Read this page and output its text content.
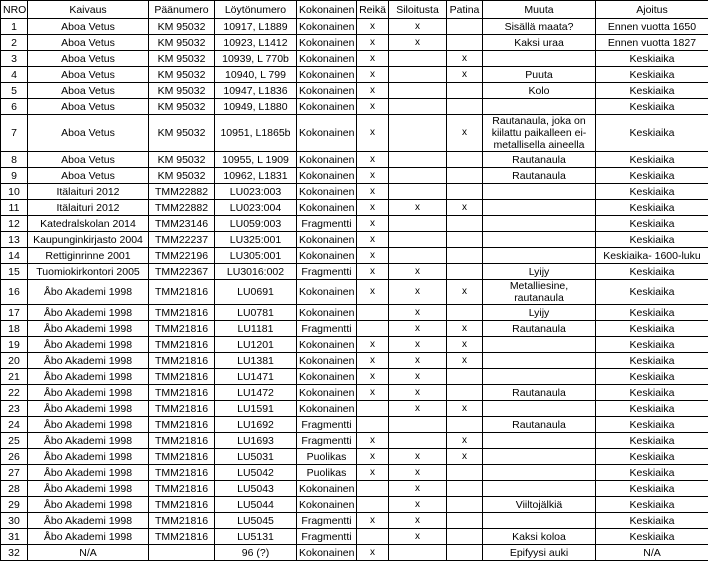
NRO	Kaivaus	Päänumero	Löytönumero	Kokonainen	Reikä	Siloitusta	Patina	Muuta	Ajoitus
1	Aboa Vetus	KM 95032	10917, L1889	Kokonainen	x	x		Sisällä maata?	Ennen vuotta 1650
2	Aboa Vetus	KM 95032	10923, L1412	Kokonainen	x	x		Kaksi uraa	Ennen vuotta 1827
3	Aboa Vetus	KM 95032	10939, L 770b	Kokonainen	x		x		Keskiaika
4	Aboa Vetus	KM 95032	10940, L 799	Kokonainen	x		x	Puuta	Keskiaika
5	Aboa Vetus	KM 95032	10947, L1836	Kokonainen	x			Kolo	Keskiaika
6	Aboa Vetus	KM 95032	10949, L1880	Kokonainen	x				Keskiaika
7	Aboa Vetus	KM 95032	10951, L1865b	Kokonainen	x		x	Rautanaula, joka on kiilattu paikalleen ei-metallisella aineella	Keskiaika
8	Aboa Vetus	KM 95032	10955, L 1909	Kokonainen	x			Rautanaula	Keskiaika
9	Aboa Vetus	KM 95032	10962, L1831	Kokonainen	x			Rautanaula	Keskiaika
10	Itälaituri 2012	TMM22882	LU023:003	Kokonainen	x				Keskiaika
11	Itälaituri 2012	TMM22882	LU023:004	Kokonainen	x	x	x		Keskiaika
12	Katedralskolan 2014	TMM23146	LU059:003	Fragmentti	x				Keskiaika
13	Kaupunginkirjasto 2004	TMM22237	LU325:001	Kokonainen	x				Keskiaika
14	Rettiginrinne 2001	TMM22196	LU305:001	Kokonainen	x				Keskiaika- 1600-luku
15	Tuomiokirkontori 2005	TMM22367	LU3016:002	Fragmentti	x	x		Lyijy	Keskiaika
16	Åbo Akademi 1998	TMM21816	LU0691	Kokonainen	x	x	x	Metalliesine, rautanaula	Keskiaika
17	Åbo Akademi 1998	TMM21816	LU0781	Kokonainen		x		Lyijy	Keskiaika
18	Åbo Akademi 1998	TMM21816	LU1181	Fragmentti		x	x	Rautanaula	Keskiaika
19	Åbo Akademi 1998	TMM21816	LU1201	Kokonainen	x	x	x		Keskiaika
20	Åbo Akademi 1998	TMM21816	LU1381	Kokonainen	x	x	x		Keskiaika
21	Åbo Akademi 1998	TMM21816	LU1471	Kokonainen	x	x			Keskiaika
22	Åbo Akademi 1998	TMM21816	LU1472	Kokonainen	x	x		Rautanaula	Keskiaika
23	Åbo Akademi 1998	TMM21816	LU1591	Kokonainen		x	x		Keskiaika
24	Åbo Akademi 1998	TMM21816	LU1692	Fragmentti				Rautanaula	Keskiaika
25	Åbo Akademi 1998	TMM21816	LU1693	Fragmentti	x		x		Keskiaika
26	Åbo Akademi 1998	TMM21816	LU5031	Puolikas	x	x	x		Keskiaika
27	Åbo Akademi 1998	TMM21816	LU5042	Puolikas	x	x			Keskiaika
28	Åbo Akademi 1998	TMM21816	LU5043	Kokonainen		x			Keskiaika
29	Åbo Akademi 1998	TMM21816	LU5044	Kokonainen		x		Viiltojälkiä	Keskiaika
30	Åbo Akademi 1998	TMM21816	LU5045	Fragmentti	x	x			Keskiaika
31	Åbo Akademi 1998	TMM21816	LU5131	Fragmentti		x		Kaksi koloa	Keskiaika
32	N/A		96 (?)	Kokonainen	x			Epifyysi auki	N/A
